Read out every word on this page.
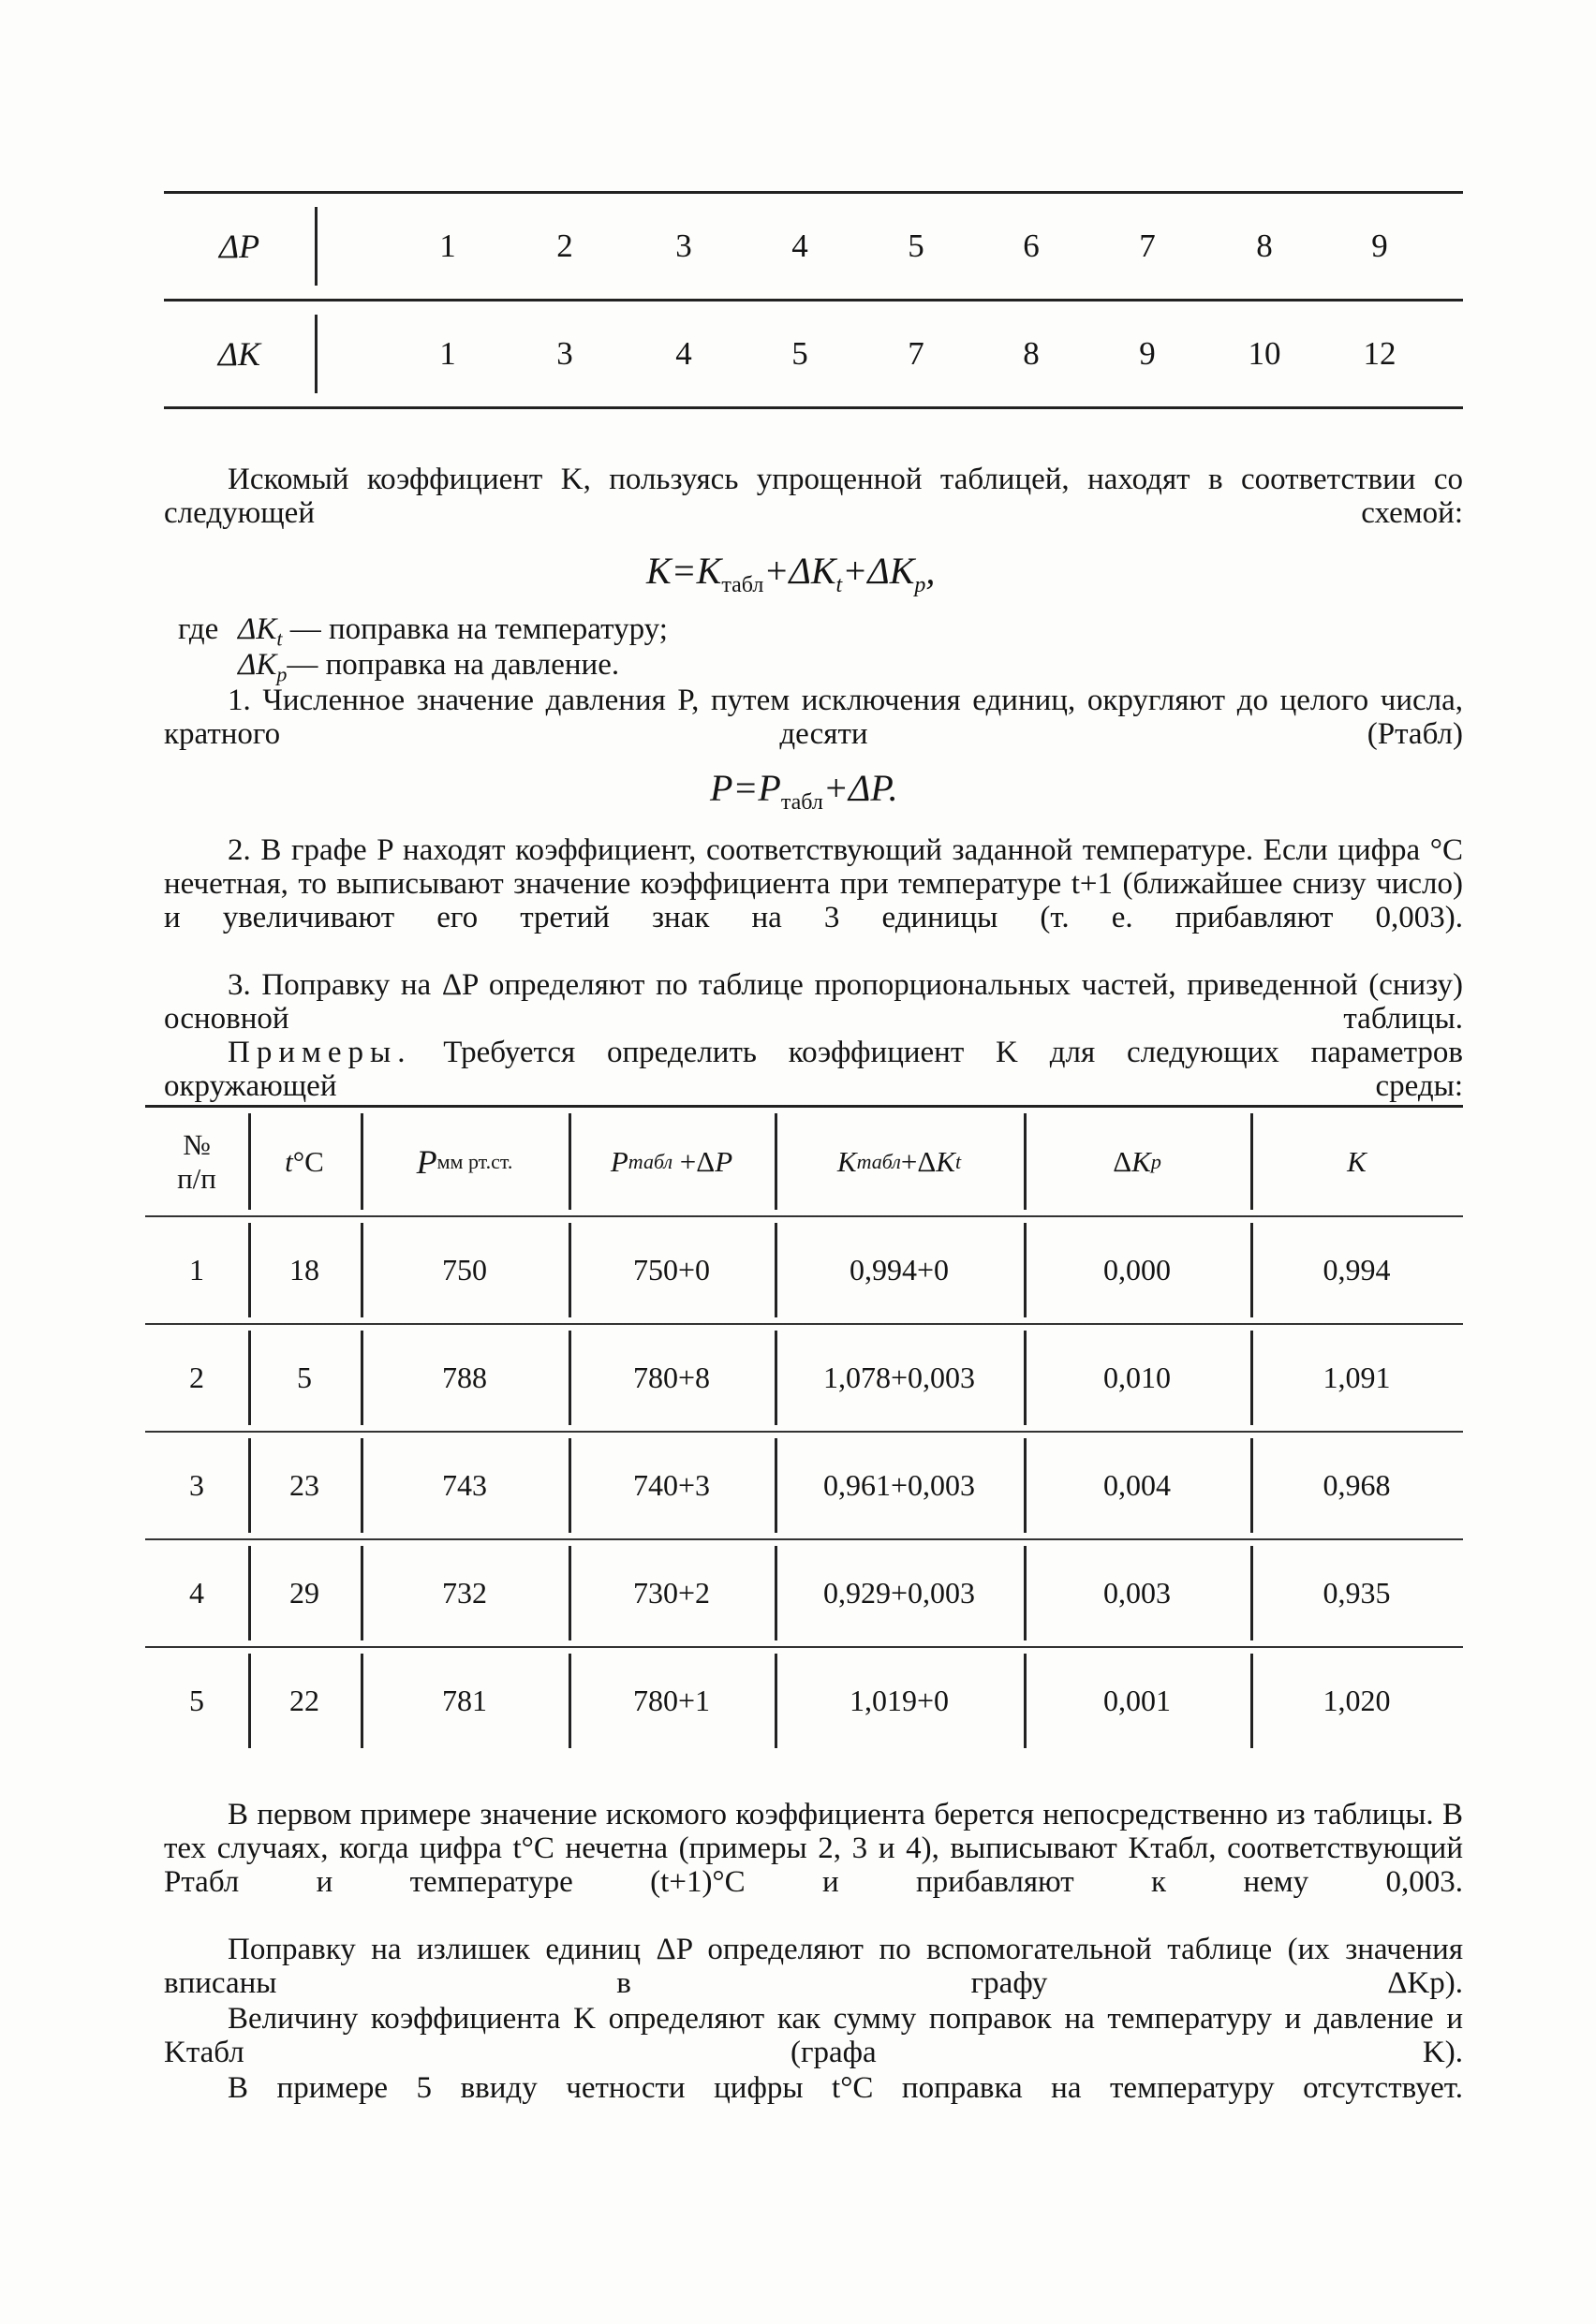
ΔP	1	2	3	4	5	6	7	8	9
ΔK	1	3	4	5	7	8	9	10	12

Искомый коэффициент K, пользуясь упрощенной таблицей, находят в соответствии со следующей схемой:

$K=K_{табл}+\Delta K_t+\Delta K_p$,
где $\Delta K_t$ — поправка на температуру;
$\Delta K_p—$ поправка на давление.

1. Численное значение давления P, путем исключения единиц, округляют до целого числа, кратного десяти (Pтабл)

$P=P_{табл}+\Delta P$.

2. В графе P находят коэффициент, соответствующий заданной температуре. Если цифра °C нечетная, то выписывают значение коэффициента при температуре t+1 (ближайшее снизу число) и увеличивают его третий знак на 3 единицы (т. е. прибавляют 0,003).

3. Поправку на ΔP определяют по таблице пропорциональных частей, приведенной (снизу) основной таблицы.

Примеры. Требуется определить коэффициент K для следующих параметров окружающей среды:

№
п/п
t °C	P мм рт.ст.	P табл +Δ P	K табл +Δ K t	Δ K p	K
1	18	750	750+0	0,994+0	0,000	0,994
2	5	788	780+8	1,078+0,003	0,010	1,091
3	23	743	740+3	0,961+0,003	0,004	0,968
4	29	732	730+2	0,929+0,003	0,003	0,935
5	22	781	780+1	1,019+0	0,001	1,020

В первом примере значение искомого коэффициента берется непосредственно из таблицы. В тех случаях, когда цифра t°C нечетна (примеры 2, 3 и 4), выписывают Kтабл, соответствующий Pтабл и температуре (t+1)°C и прибавляют к нему 0,003.

Поправку на излишек единиц ΔP определяют по вспомогательной таблице (их значения вписаны в графу ΔKp).

Величину коэффициента K определяют как сумму поправок на температуру и давление и Kтабл (графа K).

В примере 5 ввиду четности цифры t°C поправка на температуру отсутствует.
